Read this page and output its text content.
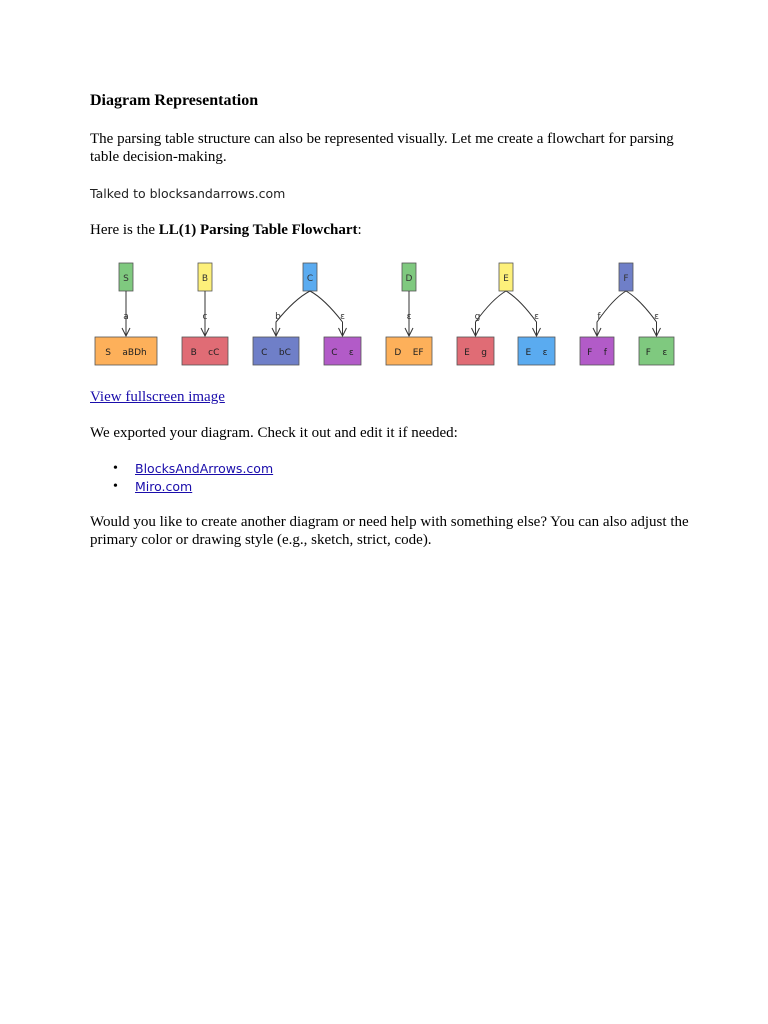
Diagram Representation

The parsing table structure can also be represented visually. Let me create a flowchart for parsing table decision-making.

Talked to blocksandarrows.com

Here is the LL(1) Parsing Table Flowchart:

S
a
S    aBDh
B
c
B    cC
C
b
C    bC
ε
C    ε
D
ε
D    EF
E
g
E    g
ε
E    ε
F
f
F    f
ε
F    ε

View fullscreen image

We exported your diagram. Check it out and edit it if needed:

• BlocksAndArrows.com
• Miro.com

Would you like to create another diagram or need help with something else? You can also adjust the primary color or drawing style (e.g., sketch, strict, code).
